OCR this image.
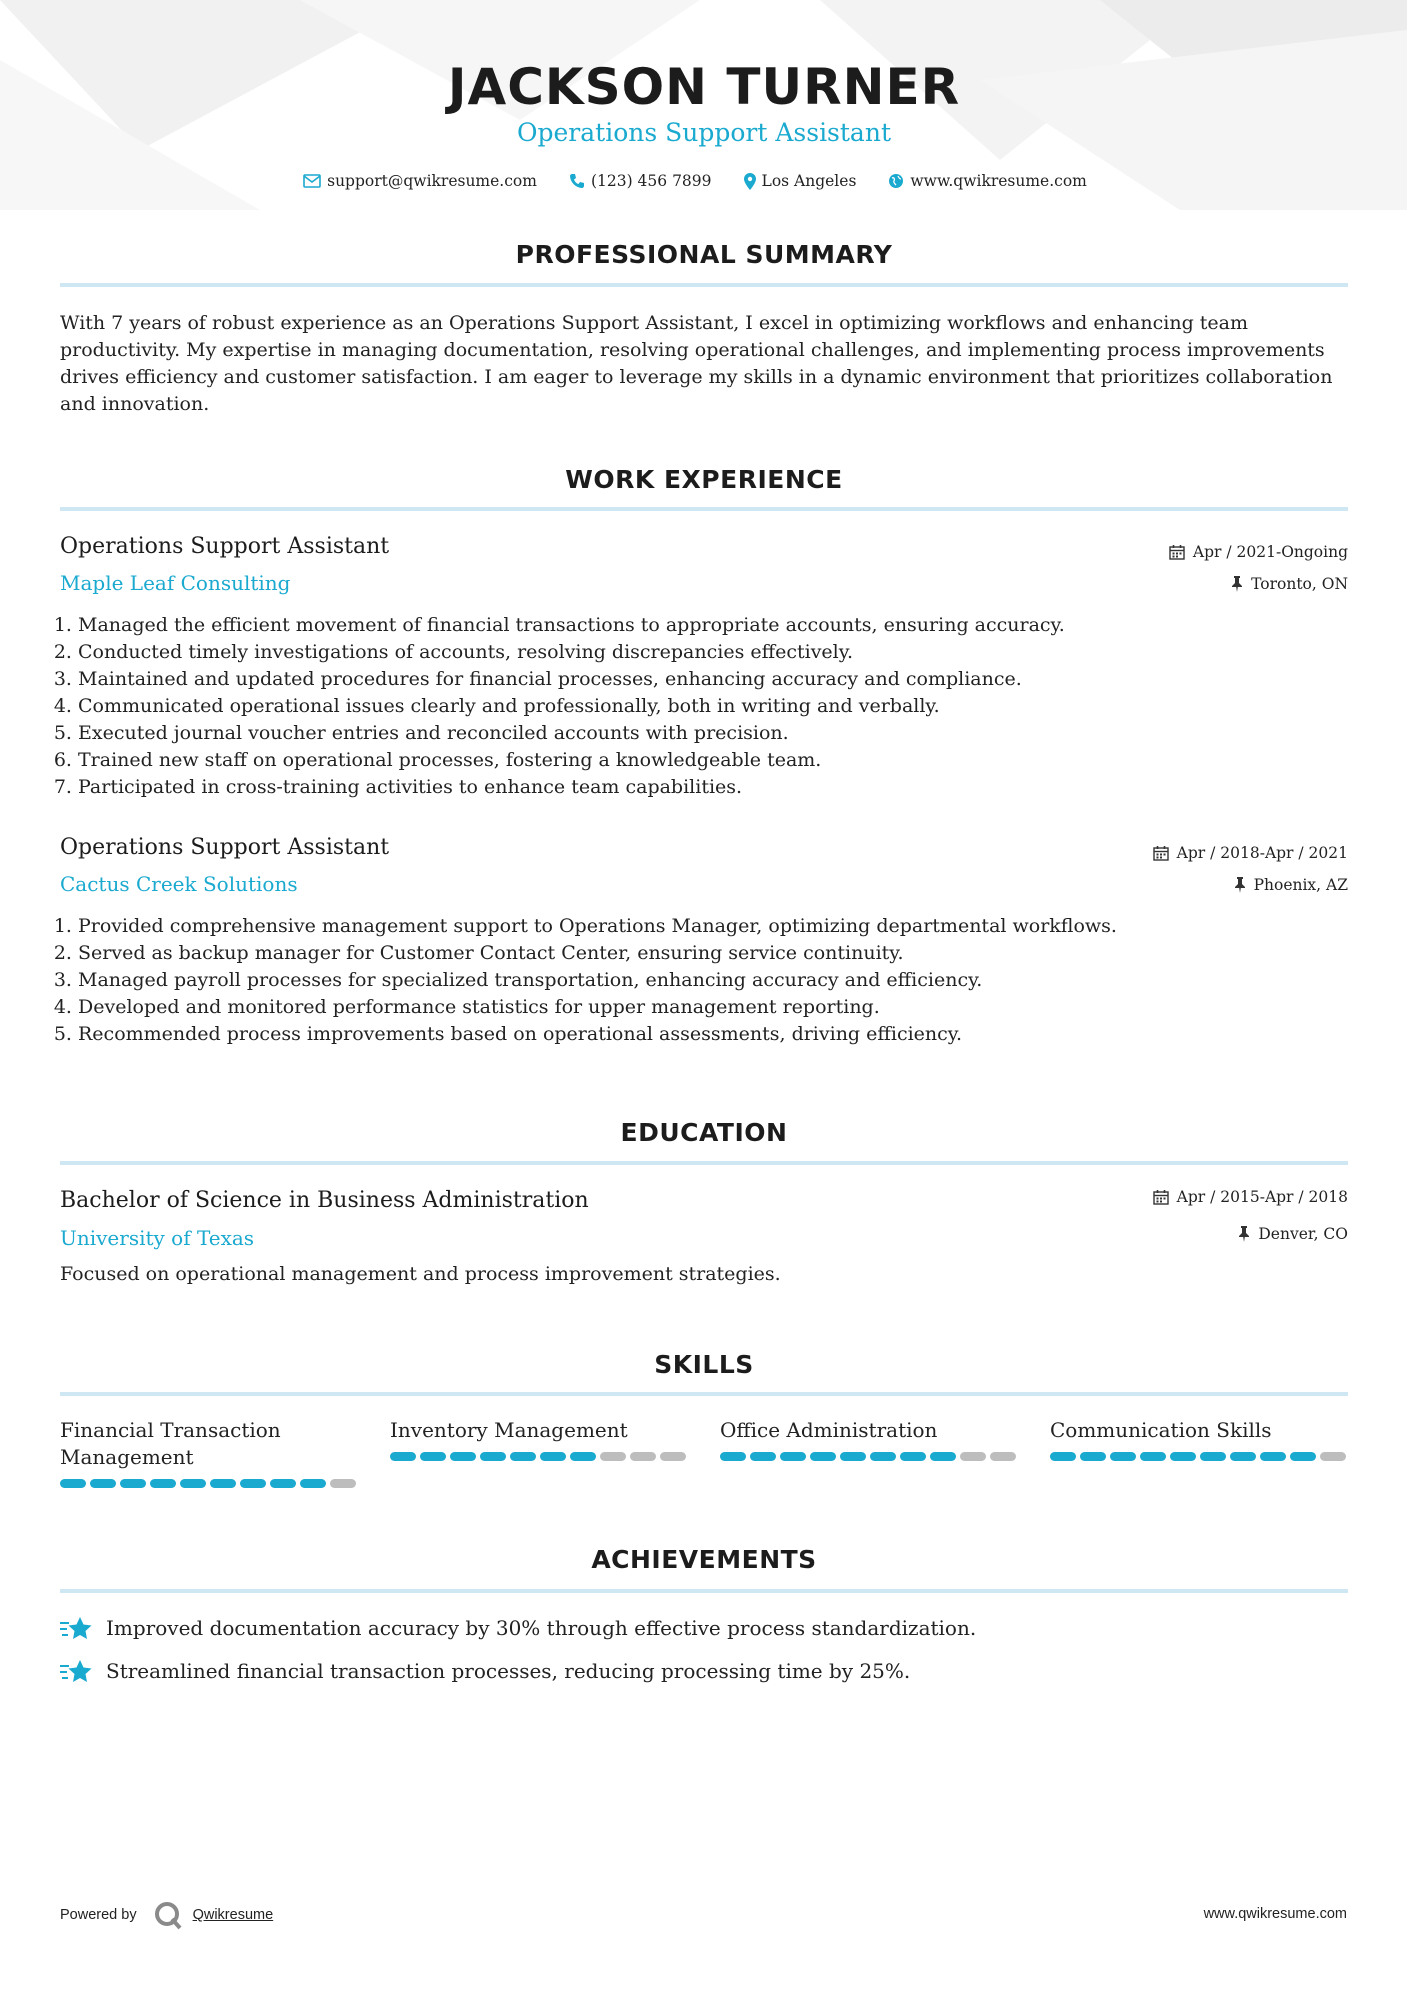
JACKSON TURNER
Operations Support Assistant
support@qwikresume.com	(123) 456 7899	Los Angeles	www.qwikresume.com
PROFESSIONAL SUMMARY
With 7 years of robust experience as an Operations Support Assistant, I excel in optimizing workflows and enhancing team productivity. My expertise in managing documentation, resolving operational challenges, and implementing process improvements drives efficiency and customer satisfaction. I am eager to leverage my skills in a dynamic environment that prioritizes collaboration and innovation.
WORK EXPERIENCE
Operations Support Assistant
Maple Leaf Consulting
Apr / 2021-Ongoing
Toronto, ON
1. Managed the efficient movement of financial transactions to appropriate accounts, ensuring accuracy.
2. Conducted timely investigations of accounts, resolving discrepancies effectively.
3. Maintained and updated procedures for financial processes, enhancing accuracy and compliance.
4. Communicated operational issues clearly and professionally, both in writing and verbally.
5. Executed journal voucher entries and reconciled accounts with precision.
6. Trained new staff on operational processes, fostering a knowledgeable team.
7. Participated in cross-training activities to enhance team capabilities.
Operations Support Assistant
Cactus Creek Solutions
Apr / 2018-Apr / 2021
Phoenix, AZ
1. Provided comprehensive management support to Operations Manager, optimizing departmental workflows.
2. Served as backup manager for Customer Contact Center, ensuring service continuity.
3. Managed payroll processes for specialized transportation, enhancing accuracy and efficiency.
4. Developed and monitored performance statistics for upper management reporting.
5. Recommended process improvements based on operational assessments, driving efficiency.
EDUCATION
Bachelor of Science in Business Administration
University of Texas
Apr / 2015-Apr / 2018
Denver, CO
Focused on operational management and process improvement strategies.
SKILLS
Financial Transaction Management
Inventory Management	Office Administration	Communication Skills
ACHIEVEMENTS
Improved documentation accuracy by 30% through effective process standardization.
Streamlined financial transaction processes, reducing processing time by 25%.
Powered by	Qwikresume	www.qwikresume.com
